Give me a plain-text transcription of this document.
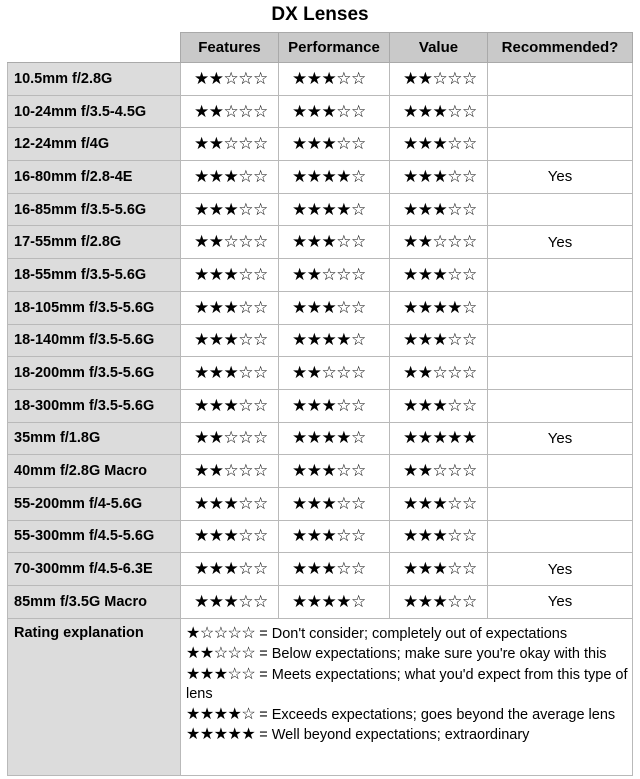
DX Lenses
	Features	Performance	Value	Recommended?
10.5mm f/2.8G	★★☆☆☆	★★★☆☆	★★☆☆☆	
10-24mm f/3.5-4.5G	★★☆☆☆	★★★☆☆	★★★☆☆	
12-24mm f/4G	★★☆☆☆	★★★☆☆	★★★☆☆	
16-80mm f/2.8-4E	★★★☆☆	★★★★☆	★★★☆☆	Yes
16-85mm f/3.5-5.6G	★★★☆☆	★★★★☆	★★★☆☆	
17-55mm f/2.8G	★★☆☆☆	★★★☆☆	★★☆☆☆	Yes
18-55mm f/3.5-5.6G	★★★☆☆	★★☆☆☆	★★★☆☆	
18-105mm f/3.5-5.6G	★★★☆☆	★★★☆☆	★★★★☆	
18-140mm f/3.5-5.6G	★★★☆☆	★★★★☆	★★★☆☆	
18-200mm f/3.5-5.6G	★★★☆☆	★★☆☆☆	★★☆☆☆	
18-300mm f/3.5-5.6G	★★★☆☆	★★★☆☆	★★★☆☆	
35mm f/1.8G	★★☆☆☆	★★★★☆	★★★★★	Yes
40mm f/2.8G Macro	★★☆☆☆	★★★☆☆	★★☆☆☆	
55-200mm f/4-5.6G	★★★☆☆	★★★☆☆	★★★☆☆	
55-300mm f/4.5-5.6G	★★★☆☆	★★★☆☆	★★★☆☆	
70-300mm f/4.5-6.3E	★★★☆☆	★★★☆☆	★★★☆☆	Yes
85mm f/3.5G Macro	★★★☆☆	★★★★☆	★★★☆☆	Yes
Rating explanation	★☆☆☆☆ = Don't consider; completely out of expectations
★★☆☆☆ = Below expectations; make sure you're okay with this
★★★☆☆ = Meets expectations; what you'd expect from this type of lens
★★★★☆ = Exceeds expectations; goes beyond the average lens
★★★★★ = Well beyond expectations; extraordinary			
